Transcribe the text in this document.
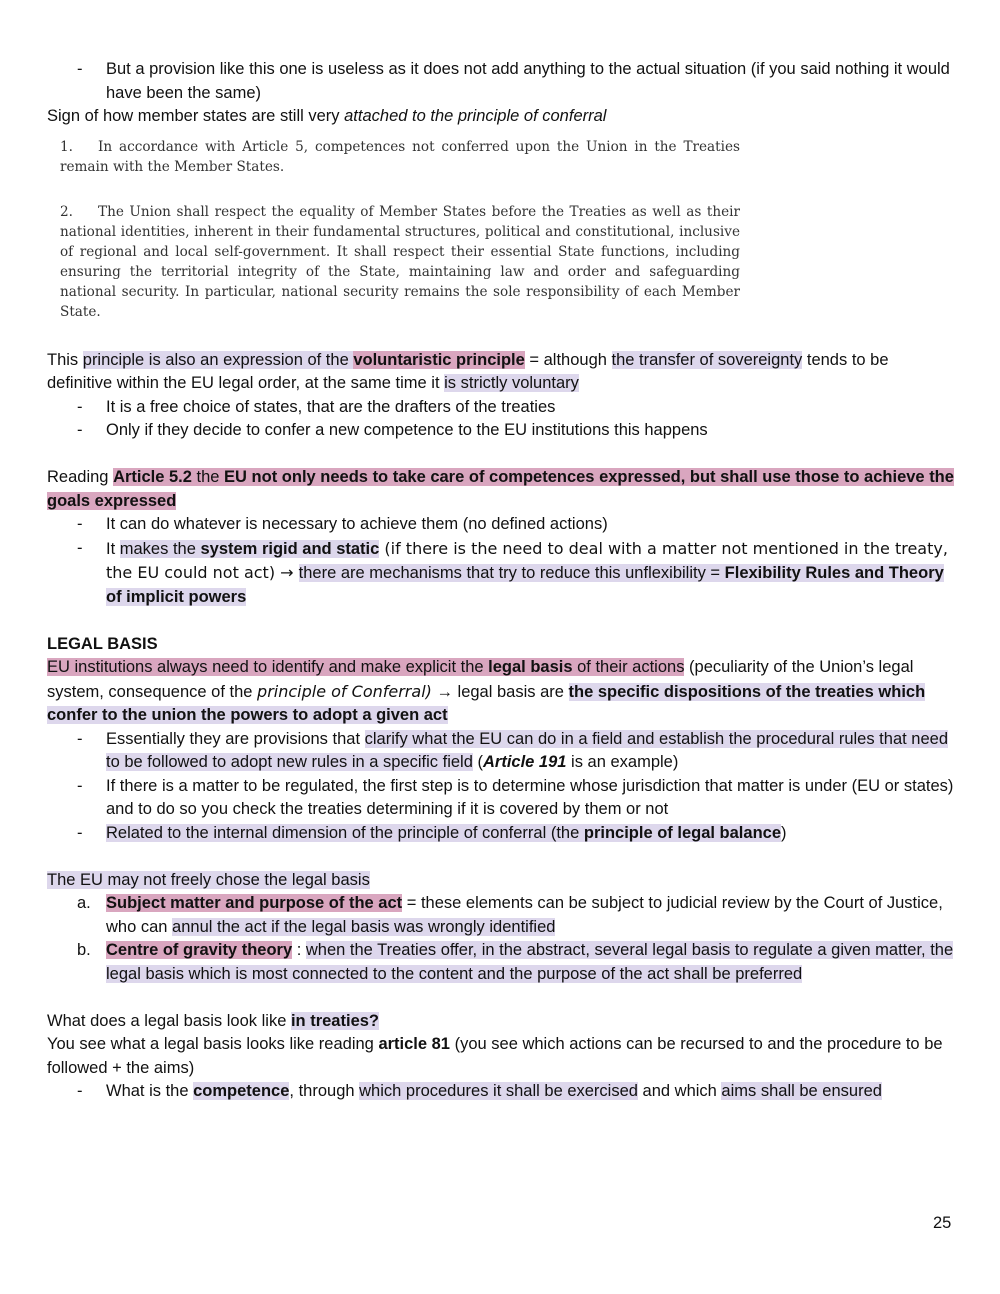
- But a provision like this one is useless as it does not add anything to the actual situation (if you said nothing it would have been the same)

Sign of how member states are still very attached to the principle of conferral

1. In accordance with Article 5, competences not conferred upon the Union in the Treaties remain with the Member States.

2. The Union shall respect the equality of Member States before the Treaties as well as their national identities, inherent in their fundamental structures, political and constitutional, inclusive of regional and local self-government. It shall respect their essential State functions, including ensuring the territorial integrity of the State, maintaining law and order and safeguarding national security. In particular, national security remains the sole responsibility of each Member State.

This principle is also an expression of the voluntaristic principle = although the transfer of sovereignty tends to be definitive within the EU legal order, at the same time it is strictly voluntary

- It is a free choice of states, that are the drafters of the treaties
- Only if they decide to confer a new competence to the EU institutions this happens

Reading Article 5.2 the EU not only needs to take care of competences expressed, but shall use those to achieve the goals expressed

- It can do whatever is necessary to achieve them (no defined actions)
- It makes the system rigid and static (if there is the need to deal with a matter not mentioned in the treaty, the EU could not act) → there are mechanisms that try to reduce this unflexibility = Flexibility Rules and Theory of implicit powers

LEGAL BASIS

EU institutions always need to identify and make explicit the legal basis of their actions (peculiarity of the Union’s legal system, consequence of the principle of Conferral) → legal basis are the specific dispositions of the treaties which confer to the union the powers to adopt a given act

- Essentially they are provisions that clarify what the EU can do in a field and establish the procedural rules that need to be followed to adopt new rules in a specific field (Article 191 is an example)
- If there is a matter to be regulated, the first step is to determine whose jurisdiction that matter is under (EU or states) and to do so you check the treaties determining if it is covered by them or not
- Related to the internal dimension of the principle of conferral (the principle of legal balance)

The EU may not freely chose the legal basis

a. Subject matter and purpose of the act = these elements can be subject to judicial review by the Court of Justice, who can annul the act if the legal basis was wrongly identified
b. Centre of gravity theory : when the Treaties offer, in the abstract, several legal basis to regulate a given matter, the legal basis which is most connected to the content and the purpose of the act shall be preferred

What does a legal basis look like in treaties?

You see what a legal basis looks like reading article 81 (you see which actions can be recursed to and the procedure to be followed + the aims)

- What is the competence, through which procedures it shall be exercised and which aims shall be ensured
25
